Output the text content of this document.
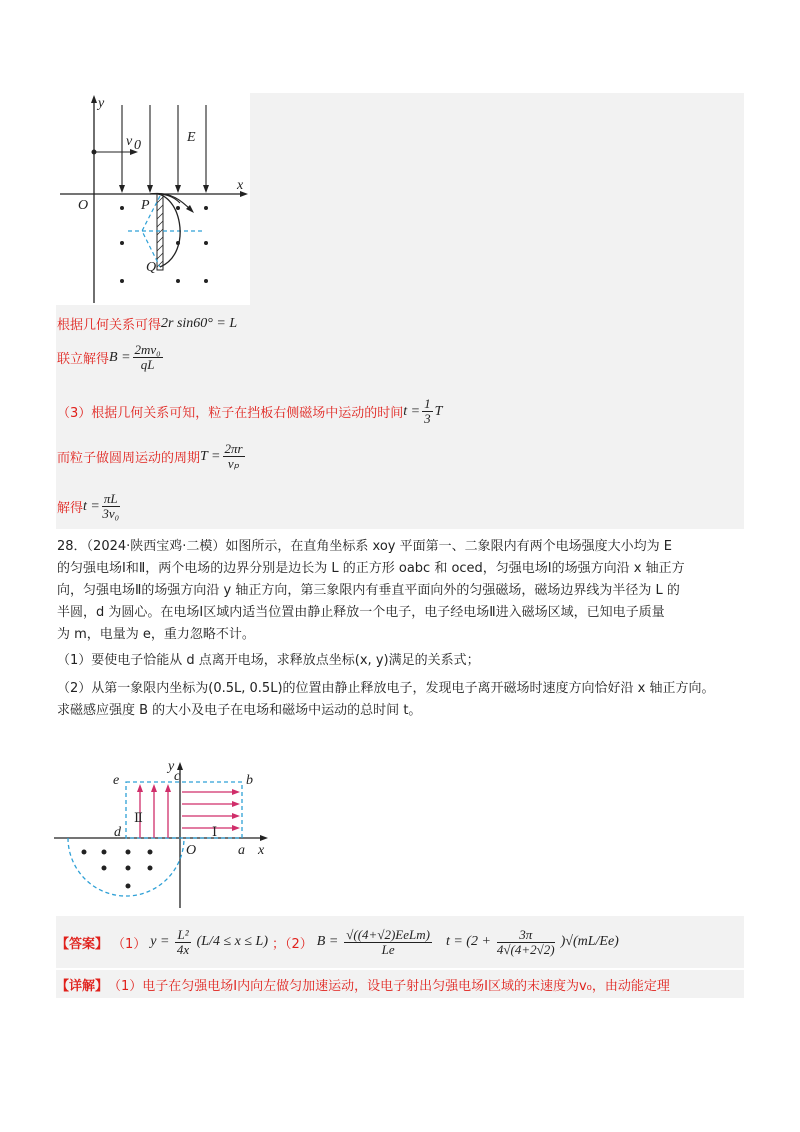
y
x
O
v 0
E
P
Q
根据几何关系可得 2r sin60° = L
联立解得 $B = \frac{\text{2mv₀}}{qL}$
（3）根据几何关系可知，粒子在挡板右侧磁场中运动的时间 $t = \frac{1}{3}$ T
而粒子做圆周运动的周期 $T = \frac{2\pi r}{\text{vₚ}}$
解得 $t = \frac{\pi L}{\text{3v₀}}$
28．（2024·陕西宝鸡·二模）如图所示，在直角坐标系 xoy 平面第一、二象限内有两个电场强度大小均为 E
的匀强电场Ⅰ和Ⅱ，两个电场的边界分别是边长为 L 的正方形 oabc 和 oced，匀强电场Ⅰ的场强方向沿 x 轴正方
向，匀强电场Ⅱ的场强方向沿 y 轴正方向，第三象限内有垂直平面向外的匀强磁场，磁场边界线为半径为 L 的
半圆，d 为圆心。在电场Ⅰ区域内适当位置由静止释放一个电子，电子经电场Ⅱ进入磁场区域，已知电子质量
为 m，电量为 e，重力忽略不计。
（1）要使电子恰能从 d 点离开电场，求释放点坐标(x, y)满足的关系式；
（2）从第一象限内坐标为(0.5L, 0.5L)的位置由静止释放电子，发现电子离开磁场时速度方向恰好沿 x 轴正方向。
求磁感应强度 B 的大小及电子在电场和磁场中运动的总时间 t。
y
x
e	c	b
d
O	a
Ⅱ
Ⅰ
【答案】 （1） $y = \frac{\text{L²}}{4x} (L/4 \le x \le L)$ ；（2） $B = \frac{\text{√((4+√2)EeLm)}}{Le}$ $t = (2 + \frac{3\pi}{4√(4+2√2)} )√(mL/Ee)$
【详解】 （1）电子在匀强电场Ⅰ内向左做匀加速运动，设电子射出匀强电场Ⅰ区域的末速度为v₀，由动能定理
